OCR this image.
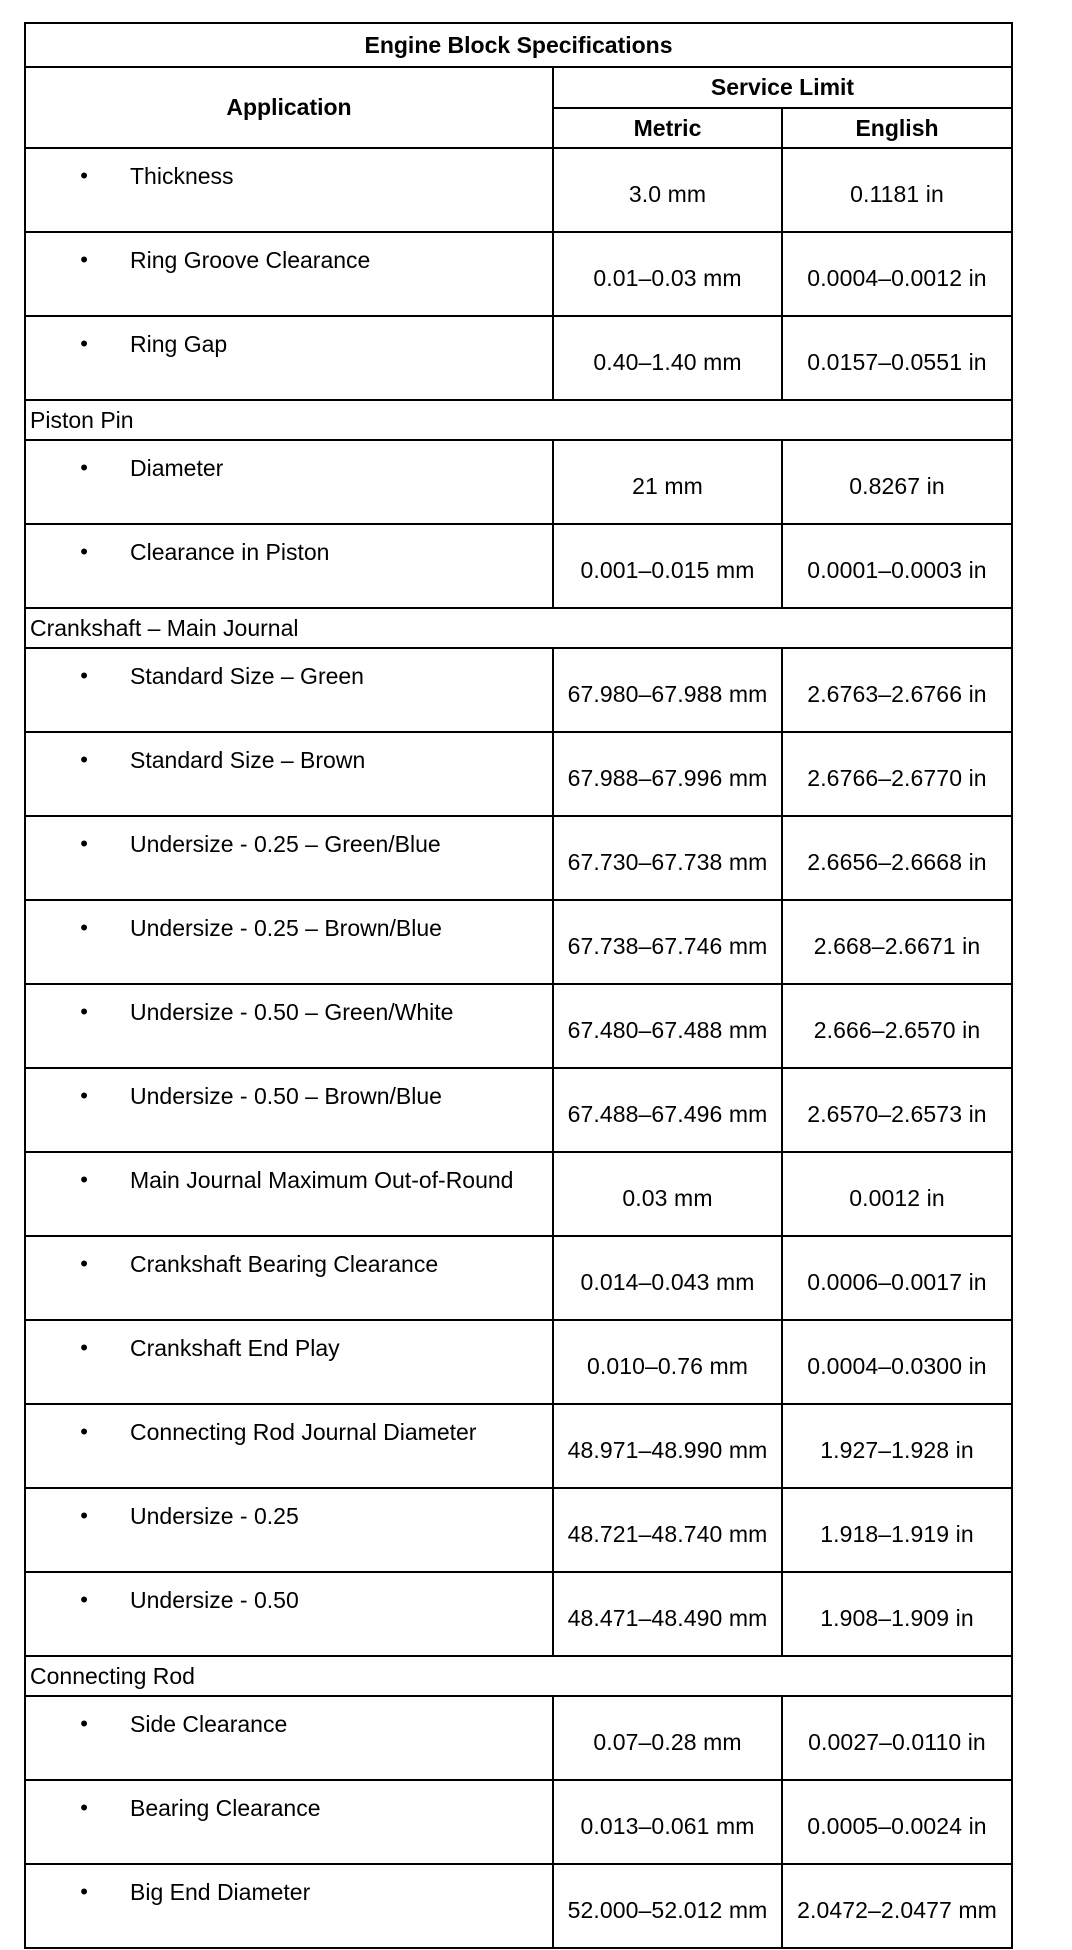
Engine Block Specifications		
Application	Service Limit	
	Metric	English

• Thickness	3.0 mm	0.1181 in

• Ring Groove Clearance	0.01–0.03 mm	0.0004–0.0012 in

• Ring Gap	0.40–1.40 mm	0.0157–0.0551 in
Piston Pin		

• Diameter	21 mm	0.8267 in

• Clearance in Piston	0.001–0.015 mm	0.0001–0.0003 in
Crankshaft – Main Journal		

• Standard Size – Green	67.980–67.988 mm	2.6763–2.6766 in

• Standard Size – Brown	67.988–67.996 mm	2.6766–2.6770 in

• Undersize - 0.25 – Green/Blue	67.730–67.738 mm	2.6656–2.6668 in

• Undersize - 0.25 – Brown/Blue	67.738–67.746 mm	2.668–2.6671 in

• Undersize - 0.50 – Green/White	67.480–67.488 mm	2.666–2.6570 in

• Undersize - 0.50 – Brown/Blue	67.488–67.496 mm	2.6570–2.6573 in

• Main Journal Maximum Out-of-Round	0.03 mm	0.0012 in

• Crankshaft Bearing Clearance	0.014–0.043 mm	0.0006–0.0017 in

• Crankshaft End Play	0.010–0.76 mm	0.0004–0.0300 in

• Connecting Rod Journal Diameter	48.971–48.990 mm	1.927–1.928 in

• Undersize - 0.25	48.721–48.740 mm	1.918–1.919 in

• Undersize - 0.50	48.471–48.490 mm	1.908–1.909 in
Connecting Rod		

• Side Clearance	0.07–0.28 mm	0.0027–0.0110 in

• Bearing Clearance	0.013–0.061 mm	0.0005–0.0024 in

• Big End Diameter	52.000–52.012 mm	2.0472–2.0477 mm
